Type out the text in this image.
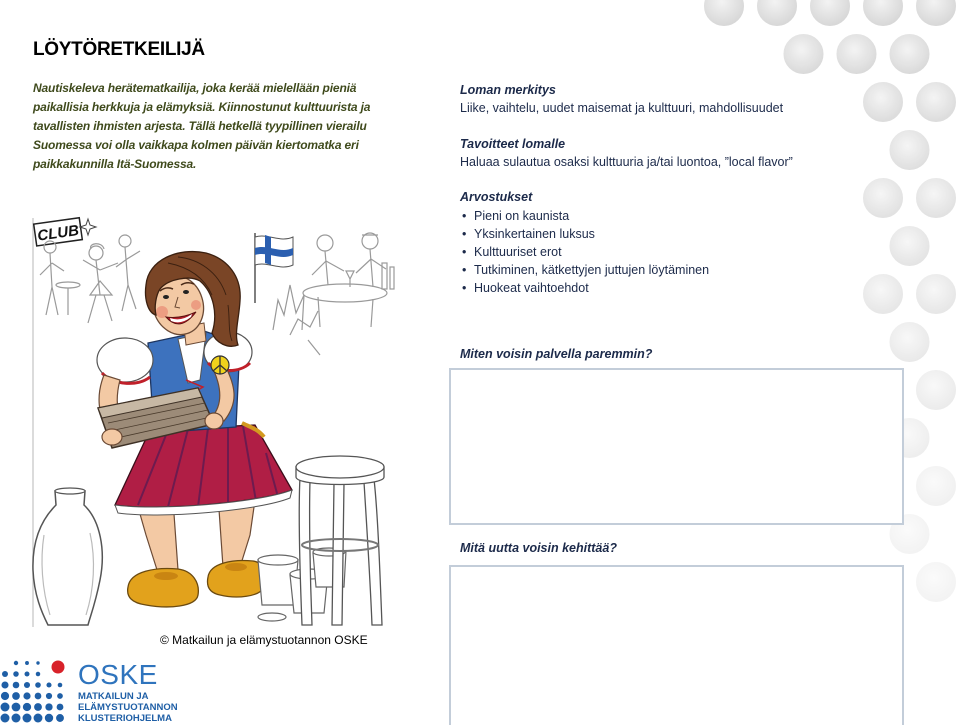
LÖYTÖRETKEILIJÄ
Nautiskeleva herätematkailija, joka kerää mielellään pieniä
paikallisia herkkuja ja elämyksiä. Kiinnostunut kulttuurista ja
tavallisten ihmisten arjesta. Tällä hetkellä tyypillinen vierailu
Suomessa voi olla vaikkapa kolmen päivän kiertomatka eri
paikkakunnilla Itä-Suomessa.
Loman merkitys
Liike, vaihtelu, uudet maisemat ja kulttuuri, mahdollisuudet
Tavoitteet lomalle
Haluaa sulautua osaksi kulttuuria ja/tai luontoa, ”local flavor”
Arvostukset
• Pieni on kaunista
• Yksinkertainen luksus
• Kulttuuriset erot
• Tutkiminen, kätkettyjen juttujen löytäminen
• Huokeat vaihtoehdot
Miten voisin palvella paremmin?
Mitä uutta voisin kehittää?
CLUB
© Matkailun ja elämystuotannon OSKE
OSKE
MATKAILUN JA
ELÄMYSTUOTANNON
KLUSTERIOHJELMA
